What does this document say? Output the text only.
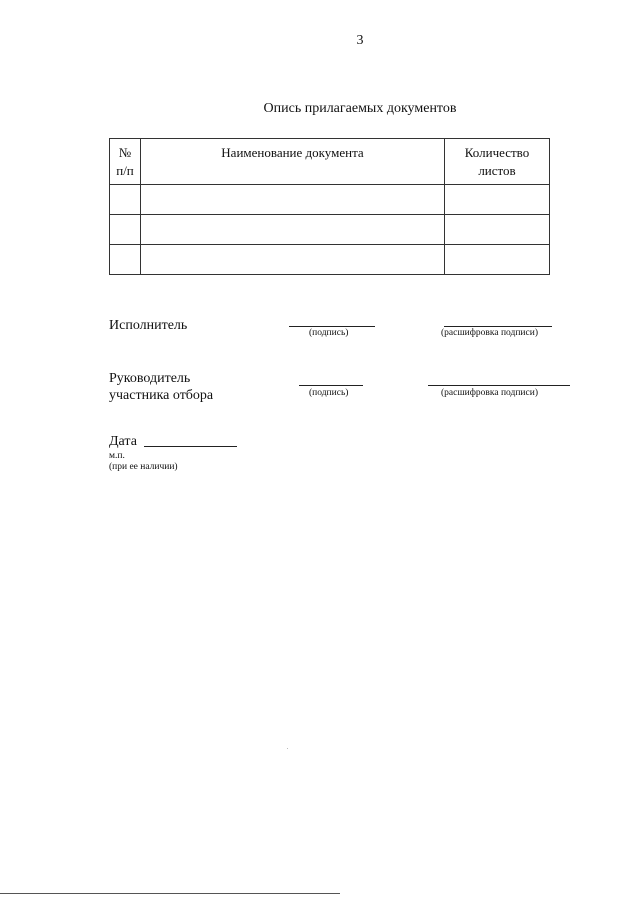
3
Опись прилагаемых документов
№
п/п	Наименование документа	Количество
листов

Исполнитель	(подпись)	(расшифровка подписи)
Руководитель
участника отбора	(подпись)	(расшифровка подписи)
Дата
м.п.
(при ее наличии)
